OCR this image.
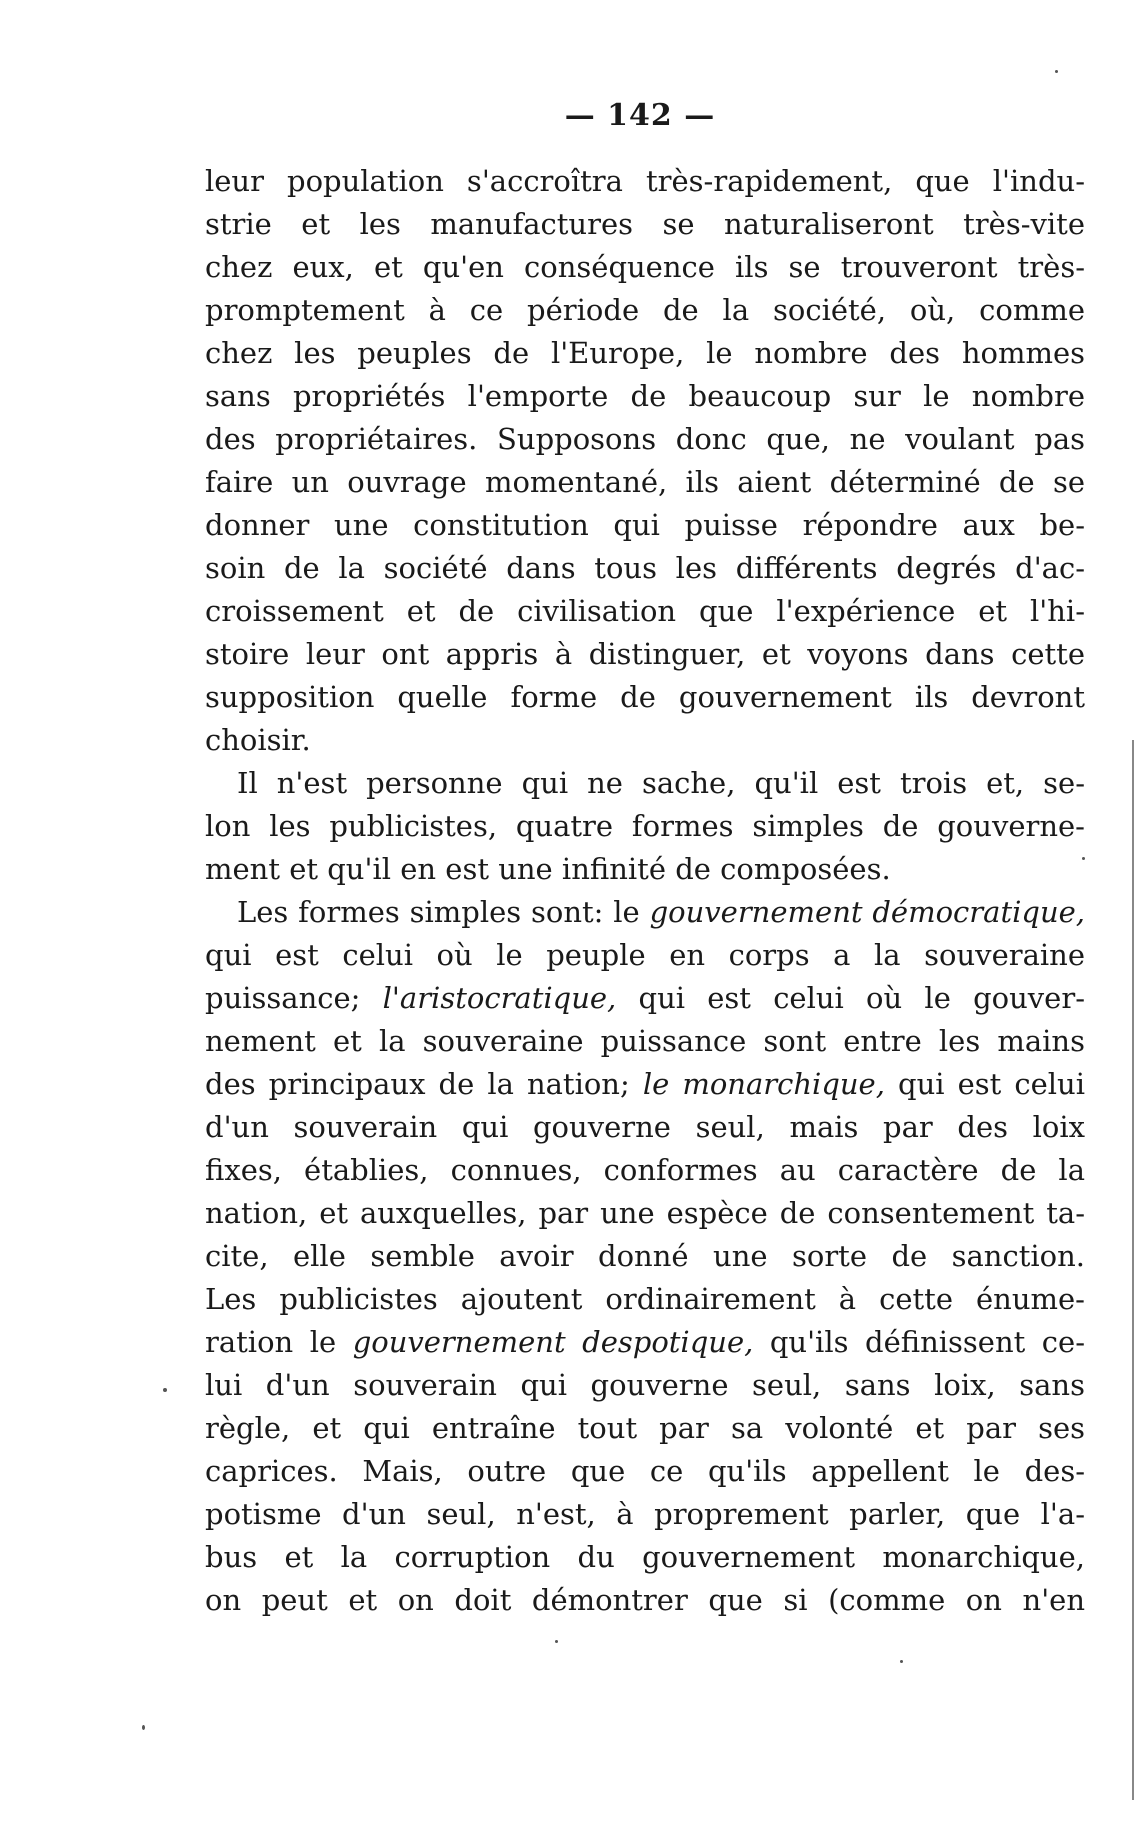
— 142 —
leur population s'accroîtra très-rapidement, que l'indu-
strie et les manufactures se naturaliseront très-vite
chez eux, et qu'en conséquence ils se trouveront très-
promptement à ce période de la société, où, comme
chez les peuples de l'Europe, le nombre des hommes
sans propriétés l'emporte de beaucoup sur le nombre
des propriétaires. Supposons donc que, ne voulant pas
faire un ouvrage momentané, ils aient déterminé de se
donner une constitution qui puisse répondre aux be-
soin de la société dans tous les différents degrés d'ac-
croissement et de civilisation que l'expérience et l'hi-
stoire leur ont appris à distinguer, et voyons dans cette
supposition quelle forme de gouvernement ils devront
choisir.
Il n'est personne qui ne sache, qu'il est trois et, se-
lon les publicistes, quatre formes simples de gouverne-
ment et qu'il en est une infinité de composées.
Les formes simples sont: le gouvernement démocratique,
qui est celui où le peuple en corps a la souveraine
puissance; l'aristocratique, qui est celui où le gouver-
nement et la souveraine puissance sont entre les mains
des principaux de la nation; le monarchique, qui est celui
d'un souverain qui gouverne seul, mais par des loix
fixes, établies, connues, conformes au caractère de la
nation, et auxquelles, par une espèce de consentement ta-
cite, elle semble avoir donné une sorte de sanction.
Les publicistes ajoutent ordinairement à cette énume-
ration le gouvernement despotique, qu'ils définissent ce-
lui d'un souverain qui gouverne seul, sans loix, sans
règle, et qui entraîne tout par sa volonté et par ses
caprices. Mais, outre que ce qu'ils appellent le des-
potisme d'un seul, n'est, à proprement parler, que l'a-
bus et la corruption du gouvernement monarchique,
on peut et on doit démontrer que si (comme on n'en
